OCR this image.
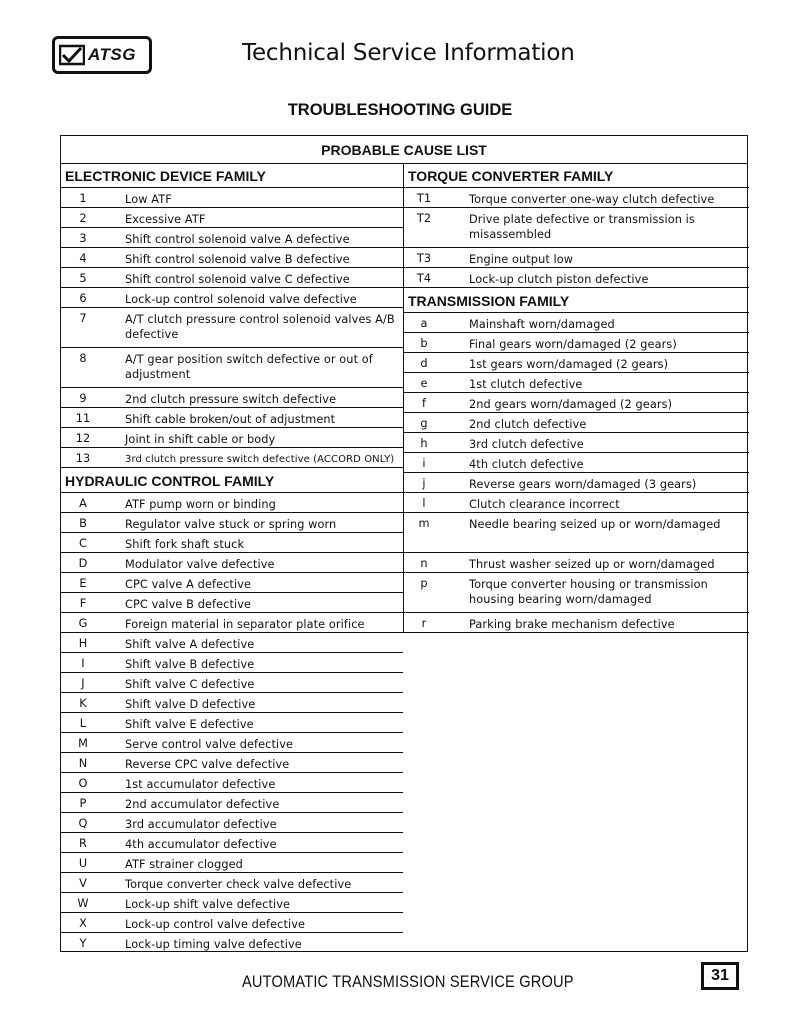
ATSG	Technical Service Information
TROUBLESHOOTING GUIDE
PROBABLE CAUSE LIST
ELECTRONIC DEVICE FAMILY
1	Low ATF
2	Excessive ATF
3	Shift control solenoid valve A defective
4	Shift control solenoid valve B defective
5	Shift control solenoid valve C defective
6	Lock-up control solenoid valve defective
7	A/T clutch pressure control solenoid valves A/B defective
8	A/T gear position switch defective or out of adjustment
9	2nd clutch pressure switch defective
11	Shift cable broken/out of adjustment
12	Joint in shift cable or body
13	3rd clutch pressure switch defective (ACCORD ONLY)
HYDRAULIC CONTROL FAMILY
A	ATF pump worn or binding
B	Regulator valve stuck or spring worn
C	Shift fork shaft stuck
D	Modulator valve defective
E	CPC valve A defective
F	CPC valve B defective
G	Foreign material in separator plate orifice
H	Shift valve A defective
I	Shift valve B defective
J	Shift valve C defective
K	Shift valve D defective
L	Shift valve E defective
M	Serve control valve defective
N	Reverse CPC valve defective
O	1st accumulator defective
P	2nd accumulator defective
Q	3rd accumulator defective
R	4th accumulator defective
U	ATF strainer clogged
V	Torque converter check valve defective
W	Lock-up shift valve defective
X	Lock-up control valve defective
Y	Lock-up timing valve defective
TORQUE CONVERTER FAMILY
T1	Torque converter one-way clutch defective
T2	Drive plate defective or transmission is misassembled
T3	Engine output low
T4	Lock-up clutch piston defective
TRANSMISSION FAMILY
a	Mainshaft worn/damaged
b	Final gears worn/damaged (2 gears)
d	1st gears worn/damaged (2 gears)
e	1st clutch defective
f	2nd gears worn/damaged (2 gears)
g	2nd clutch defective
h	3rd clutch defective
i	4th clutch defective
j	Reverse gears worn/damaged (3 gears)
l	Clutch clearance incorrect
m	Needle bearing seized up or worn/damaged
n	Thrust washer seized up or worn/damaged
p	Torque converter housing or transmission housing bearing worn/damaged
r	Parking brake mechanism defective
AUTOMATIC TRANSMISSION SERVICE GROUP	31
